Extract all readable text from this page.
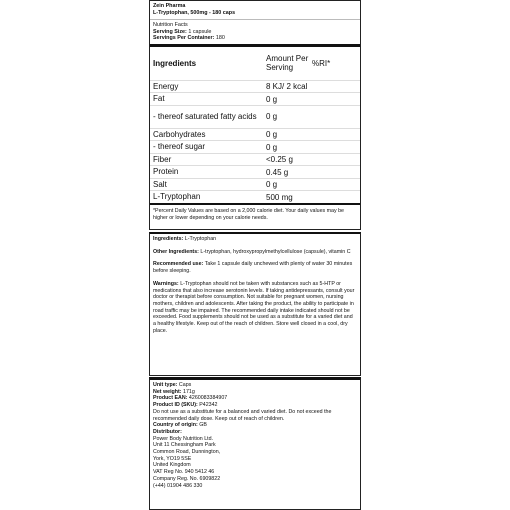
Zein Pharma
L-Tryptophan, 500mg - 180 caps
Nutrition Facts
Serving Size: 1 capsule
Servings Per Container: 180
Ingredients
Amount Per Serving	%RI*
Energy	8 KJ/ 2 kcal
Fat	0 g
- thereof saturated fatty acids	0 g
Carbohydrates	0 g
- thereof sugar	0 g
Fiber	<0.25 g
Protein	0.45 g
Salt	0 g
L-Tryptophan	500 mg
*Percent Daily Values are based on a 2,000 calorie diet. Your daily values may be higher or lower depending on your calorie needs.

Ingredients: L-Tryptophan

Other Ingredients: L-tryptophan, hydroxypropylmethylcellulose (capsule), vitamin C

Recommended use: Take 1 capsule daily unchewed with plenty of water 30 minutes before sleeping.

Warnings: L-Tryptophan should not be taken with substances such as 5-HTP or medications that also increase serotonin levels. If taking antidepressants, consult your doctor or therapist before consumption. Not suitable for pregnant women, nursing mothers, children and adolescents. After taking the product, the ability to participate in road traffic may be impaired. The recommended daily intake indicated should not be exceeded. Food supplements should not be used as a substitute for a varied diet and a healthy lifestyle. Keep out of the reach of children. Store well closed in a cool, dry place.

Unit type: Caps
Net weight: 171g
Product EAN: 4260083384907
Product ID (SKU): P42342
Do not use as a substitute for a balanced and varied diet. Do not exceed the recommended daily dose. Keep out of reach of children.
Country of origin: GB
Distributor:
Power Body Nutrition Ltd.
Unit 11 Chessingham Park
Common Road, Dunnington,
York, YO19 5SE
United Kingdom
VAT Reg No. 940 5412 46
Company Reg. No. 6909822
(+44) 01904 486 330
